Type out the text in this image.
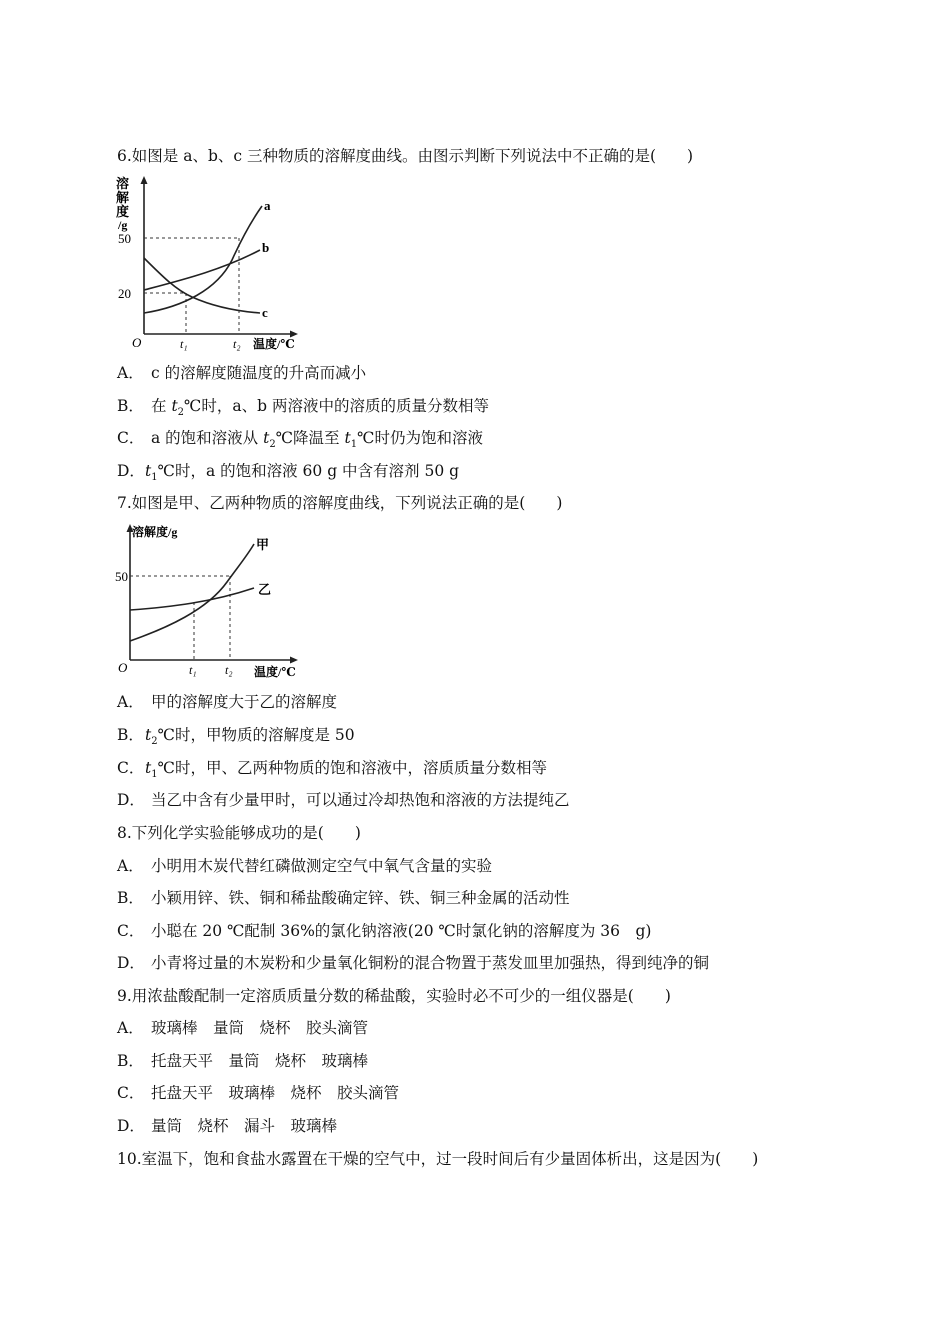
6.如图是 a、b、c 三种物质的溶解度曲线。由图示判断下列说法中不正确的是(　　)
溶
解
度
/g
50
20
O	t₁	t₂ 温度/℃
a
b
c
A． c 的溶解度随温度的升高而减小
B． 在 $t_2℃$时，a、b 两溶液中的溶质的质量分数相等
C． a 的饱和溶液从 $t_2℃$降温至 $t_1℃$时仍为饱和溶液
D．$t_1℃$时，a 的饱和溶液 60 g 中含有溶剂 50 g
7.如图是甲、乙两种物质的溶解度曲线，下列说法正确的是(　　)
溶解度/g
50
O	t₁ t₂ 温度/℃
甲
乙
A． 甲的溶解度大于乙的溶解度
B．$t_2℃$时，甲物质的溶解度是 50
C．$t_1℃$时，甲、乙两种物质的饱和溶液中，溶质质量分数相等
D． 当乙中含有少量甲时，可以通过冷却热饱和溶液的方法提纯乙
8.下列化学实验能够成功的是(　　)
A． 小明用木炭代替红磷做测定空气中氧气含量的实验
B． 小颖用锌、铁、铜和稀盐酸确定锌、铁、铜三种金属的活动性
C． 小聪在 20 ℃配制 36%的氯化钠溶液(20 ℃时氯化钠的溶解度为 36　g)
D． 小青将过量的木炭粉和少量氧化铜粉的混合物置于蒸发皿里加强热，得到纯净的铜
9.用浓盐酸配制一定溶质质量分数的稀盐酸，实验时必不可少的一组仪器是(　　)
A． 玻璃棒　量筒　烧杯　胶头滴管
B． 托盘天平　量筒　烧杯　玻璃棒
C． 托盘天平　玻璃棒　烧杯　胶头滴管
D． 量筒　烧杯　漏斗　玻璃棒
10.室温下，饱和食盐水露置在干燥的空气中，过一段时间后有少量固体析出，这是因为(　　)
